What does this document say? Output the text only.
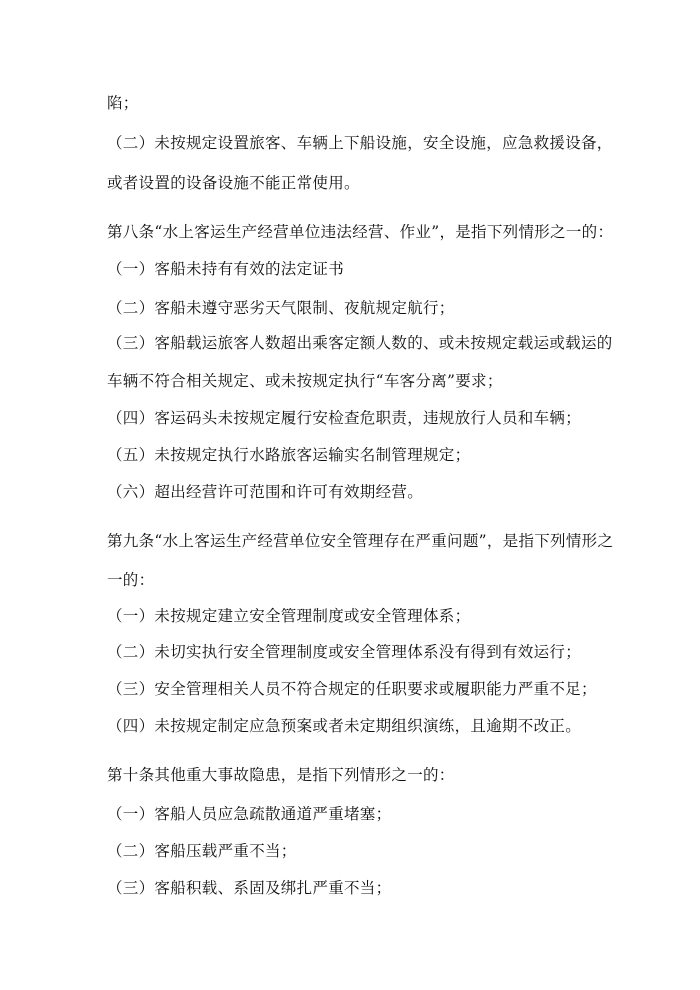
陷；
（二）未按规定设置旅客、车辆上下船设施，安全设施，应急救援设备，
或者设置的设备设施不能正常使用。
第八条“水上客运生产经营单位违法经营、作业”，是指下列情形之一的：
（一）客船未持有有效的法定证书
（二）客船未遵守恶劣天气限制、夜航规定航行；
（三）客船载运旅客人数超出乘客定额人数的、或未按规定载运或载运的
车辆不符合相关规定、或未按规定执行“车客分离”要求；
（四）客运码头未按规定履行安检查危职责，违规放行人员和车辆；
（五）未按规定执行水路旅客运输实名制管理规定；
（六）超出经营许可范围和许可有效期经营。
第九条“水上客运生产经营单位安全管理存在严重问题”，是指下列情形之
一的：
（一）未按规定建立安全管理制度或安全管理体系；
（二）未切实执行安全管理制度或安全管理体系没有得到有效运行；
（三）安全管理相关人员不符合规定的任职要求或履职能力严重不足；
（四）未按规定制定应急预案或者未定期组织演练，且逾期不改正。
第十条其他重大事故隐患，是指下列情形之一的：
（一）客船人员应急疏散通道严重堵塞；
（二）客船压载严重不当；
（三）客船积载、系固及绑扎严重不当；
